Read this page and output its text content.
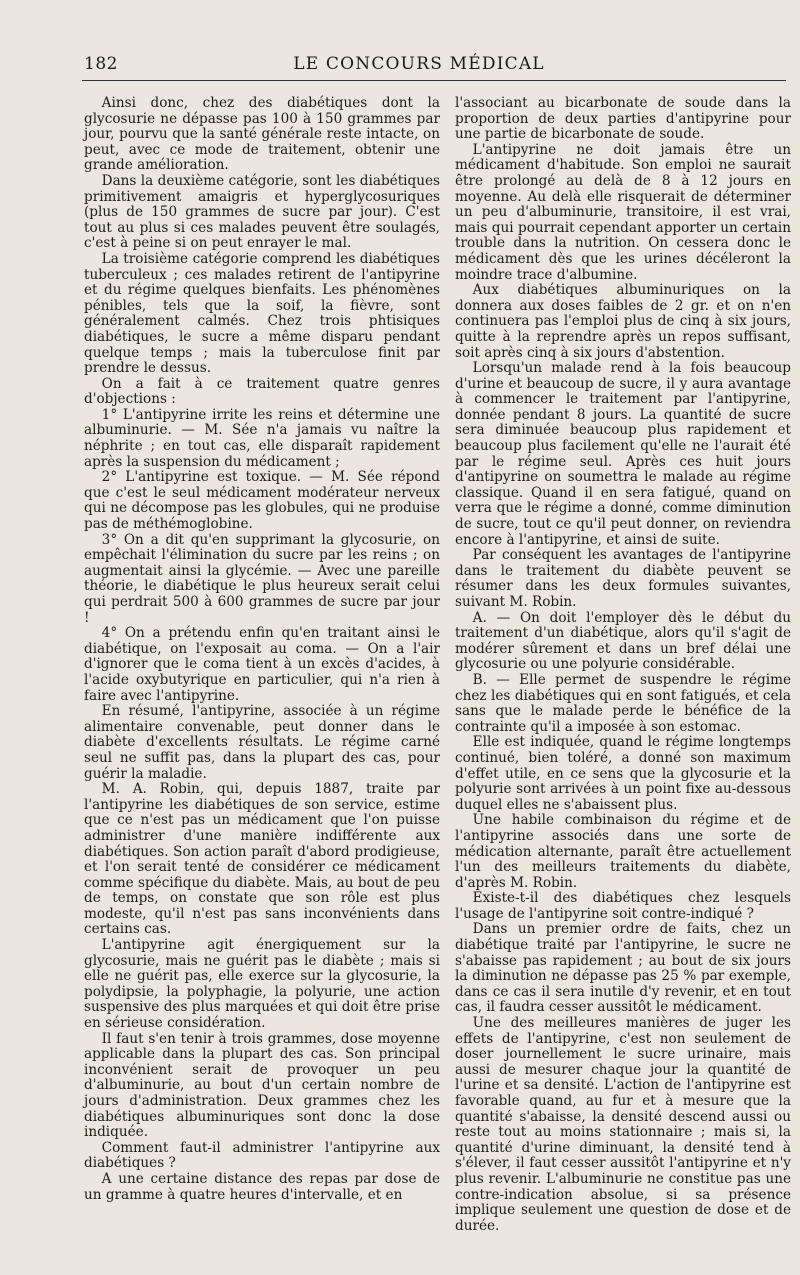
182	LE CONCOURS MÉDICAL

Ainsi donc, chez des diabétiques dont la glycosurie ne dépasse pas 100 à 150 grammes par jour, pourvu que la santé générale reste intacte, on peut, avec ce mode de traitement, obtenir une grande amélioration.

Dans la deuxième catégorie, sont les diabétiques primitivement amaigris et hyperglycosuriques (plus de 150 grammes de sucre par jour). C'est tout au plus si ces malades peuvent être soulagés, c'est à peine si on peut enrayer le mal.

La troisième catégorie comprend les diabétiques tuberculeux ; ces malades retirent de l'antipyrine et du régime quelques bienfaits. Les phénomènes pénibles, tels que la soif, la fièvre, sont généralement calmés. Chez trois phtisiques diabétiques, le sucre a même disparu pendant quelque temps ; mais la tuberculose finit par prendre le dessus.

On a fait à ce traitement quatre genres d'objections :

1° L'antipyrine irrite les reins et détermine une albuminurie. — M. Sée n'a jamais vu naître la néphrite ; en tout cas, elle disparaît rapidement après la suspension du médicament ;

2° L'antipyrine est toxique. — M. Sée répond que c'est le seul médicament modérateur nerveux qui ne décompose pas les globules, qui ne produise pas de méthémoglobine.

3° On a dit qu'en supprimant la glycosurie, on empêchait l'élimination du sucre par les reins ; on augmentait ainsi la glycémie. — Avec une pareille théorie, le diabétique le plus heureux serait celui qui perdrait 500 à 600 grammes de sucre par jour !

4° On a prétendu enfin qu'en traitant ainsi le diabétique, on l'exposait au coma. — On a l'air d'ignorer que le coma tient à un excès d'acides, à l'acide oxybutyrique en particulier, qui n'a rien à faire avec l'antipyrine.

En résumé, l'antipyrine, associée à un régime alimentaire convenable, peut donner dans le diabète d'excellents résultats. Le régime carné seul ne suffit pas, dans la plupart des cas, pour guérir la maladie.

M. A. Robin, qui, depuis 1887, traite par l'antipyrine les diabétiques de son service, estime que ce n'est pas un médicament que l'on puisse administrer d'une manière indifférente aux diabétiques. Son action paraît d'abord prodigieuse, et l'on serait tenté de considérer ce médicament comme spécifique du diabète. Mais, au bout de peu de temps, on constate que son rôle est plus modeste, qu'il n'est pas sans inconvénients dans certains cas.

L'antipyrine agit énergiquement sur la glycosurie, mais ne guérit pas le diabète ; mais si elle ne guérit pas, elle exerce sur la glycosurie, la polydipsie, la polyphagie, la polyurie, une action suspensive des plus marquées et qui doit être prise en sérieuse considération.

Il faut s'en tenir à trois grammes, dose moyenne applicable dans la plupart des cas. Son principal inconvénient serait de provoquer un peu d'albuminurie, au bout d'un certain nombre de jours d'administration. Deux grammes chez les diabétiques albuminuriques sont donc la dose indiquée.

Comment faut-il administrer l'antipyrine aux diabétiques ?

A une certaine distance des repas par dose de un gramme à quatre heures d'intervalle, et en

l'associant au bicarbonate de soude dans la proportion de deux parties d'antipyrine pour une partie de bicarbonate de soude.

L'antipyrine ne doit jamais être un médicament d'habitude. Son emploi ne saurait être prolongé au delà de 8 à 12 jours en moyenne. Au delà elle risquerait de déterminer un peu d'albuminurie, transitoire, il est vrai, mais qui pourrait cependant apporter un certain trouble dans la nutrition. On cessera donc le médicament dès que les urines décéleront la moindre trace d'albumine.

Aux diabétiques albuminuriques on la donnera aux doses faibles de 2 gr. et on n'en continuera pas l'emploi plus de cinq à six jours, quitte à la reprendre après un repos suffisant, soit après cinq à six jours d'abstention.

Lorsqu'un malade rend à la fois beaucoup d'urine et beaucoup de sucre, il y aura avantage à commencer le traitement par l'antipyrine, donnée pendant 8 jours. La quantité de sucre sera diminuée beaucoup plus rapidement et beaucoup plus facilement qu'elle ne l'aurait été par le régime seul. Après ces huit jours d'antipyrine on soumettra le malade au régime classique. Quand il en sera fatigué, quand on verra que le régime a donné, comme diminution de sucre, tout ce qu'il peut donner, on reviendra encore à l'antipyrine, et ainsi de suite.

Par conséquent les avantages de l'antipyrine dans le traitement du diabète peuvent se résumer dans les deux formules suivantes, suivant M. Robin.

A. — On doit l'employer dès le début du traitement d'un diabétique, alors qu'il s'agit de modérer sûrement et dans un bref délai une glycosurie ou une polyurie considérable.

B. — Elle permet de suspendre le régime chez les diabétiques qui en sont fatigués, et cela sans que le malade perde le bénéfice de la contrainte qu'il a imposée à son estomac.

Elle est indiquée, quand le régime longtemps continué, bien toléré, a donné son maximum d'effet utile, en ce sens que la glycosurie et la polyurie sont arrivées à un point fixe au-dessous duquel elles ne s'abaissent plus.

Une habile combinaison du régime et de l'antipyrine associés dans une sorte de médication alternante, paraît être actuellement l'un des meilleurs traitements du diabète, d'après M. Robin.

Existe-t-il des diabétiques chez lesquels l'usage de l'antipyrine soit contre-indiqué ?

Dans un premier ordre de faits, chez un diabétique traité par l'antipyrine, le sucre ne s'abaisse pas rapidement ; au bout de six jours la diminution ne dépasse pas 25 % par exemple, dans ce cas il sera inutile d'y revenir, et en tout cas, il faudra cesser aussitôt le médicament.

Une des meilleures manières de juger les effets de l'antipyrine, c'est non seulement de doser journellement le sucre urinaire, mais aussi de mesurer chaque jour la quantité de l'urine et sa densité. L'action de l'antipyrine est favorable quand, au fur et à mesure que la quantité s'abaisse, la densité descend aussi ou reste tout au moins stationnaire ; mais si, la quantité d'urine diminuant, la densité tend à s'élever, il faut cesser aussitôt l'antipyrine et n'y plus revenir. L'albuminurie ne constitue pas une contre-indication absolue, si sa présence implique seulement une question de dose et de durée.
